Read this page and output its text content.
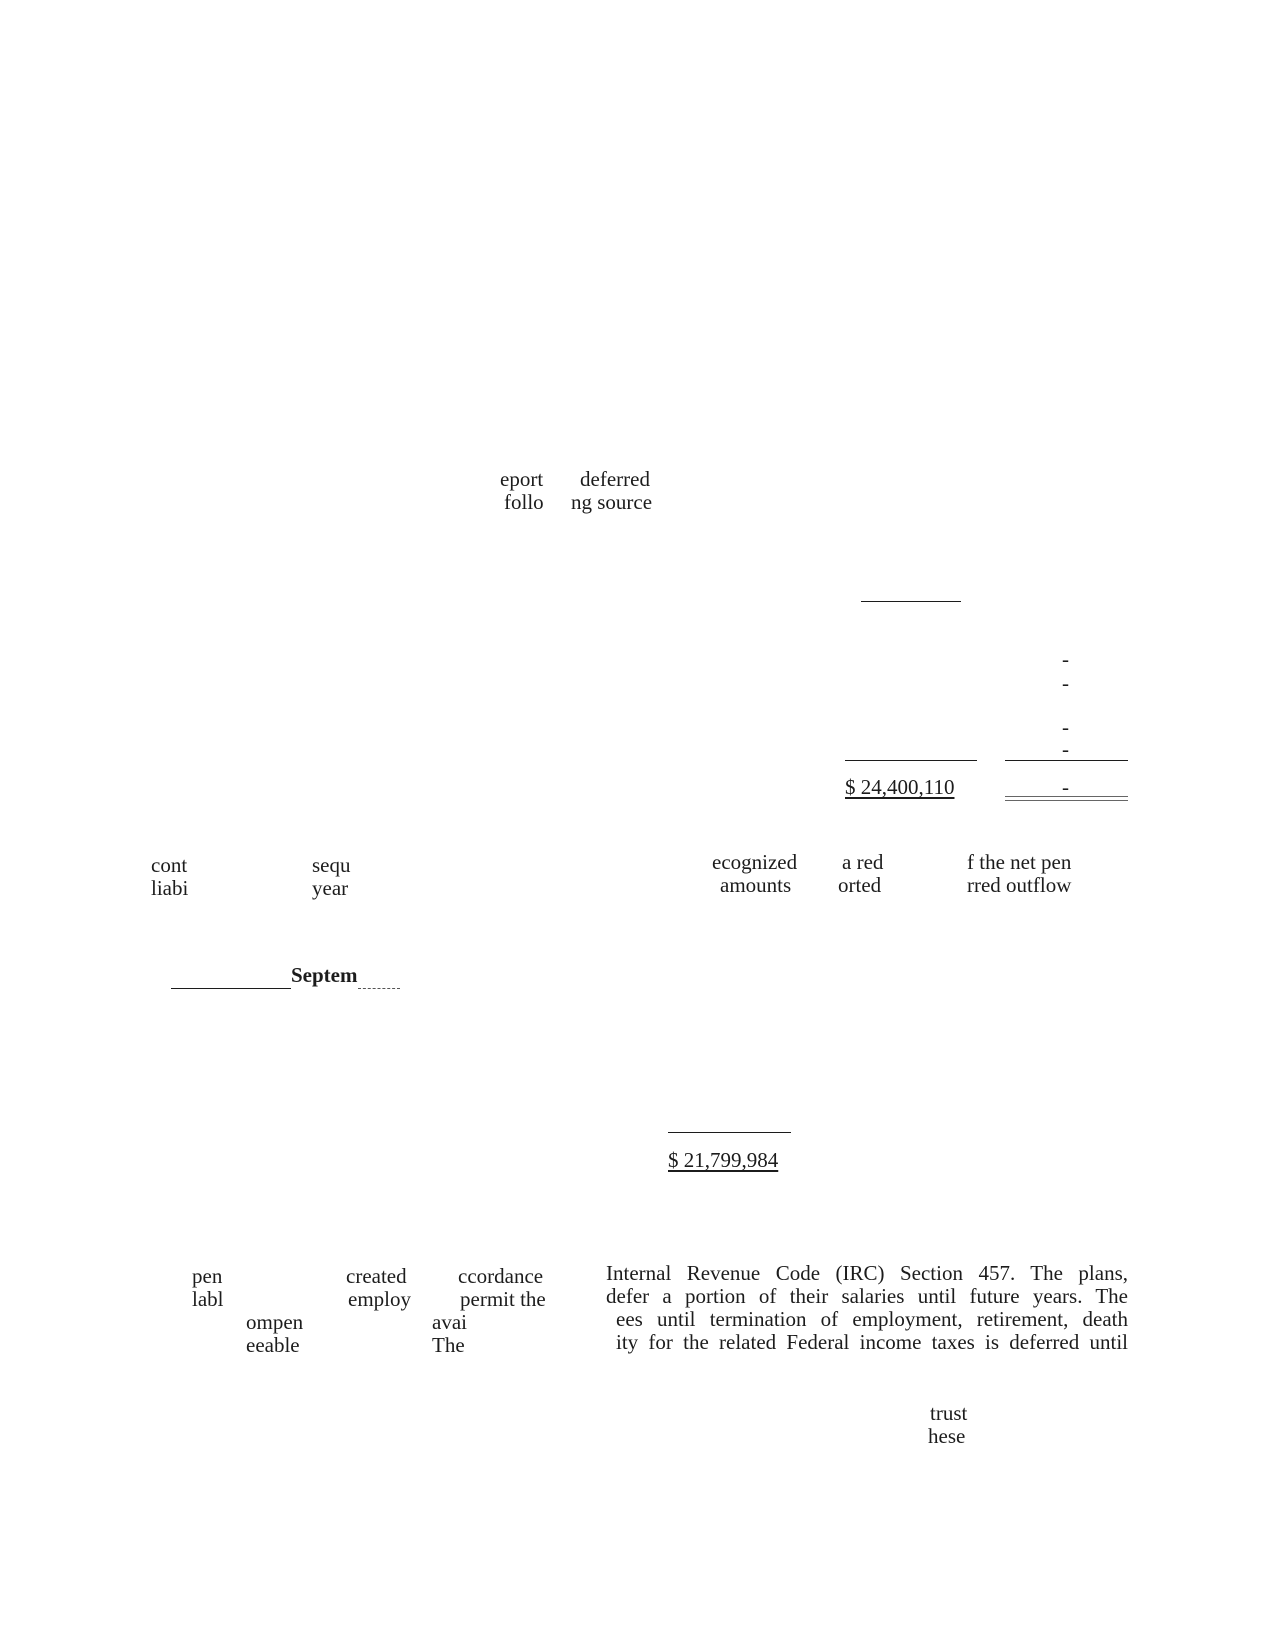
eport deferred
follo ng source
-
-
-
-
$ 24,400,110	-
cont
liabi
sequ
year
ecognized
amounts
a red
orted
f the net pen
rred outflow
Septem
$ 21,799,984
pen
labl
ompen
eeable
created
employ
ccordance
permit the
avai
The
Internal Revenue Code (IRC) Section 457. The plans,
defer a portion of their salaries until future years. The
ees until termination of employment, retirement, death
ity for the related Federal income taxes is deferred until
trust
hese
